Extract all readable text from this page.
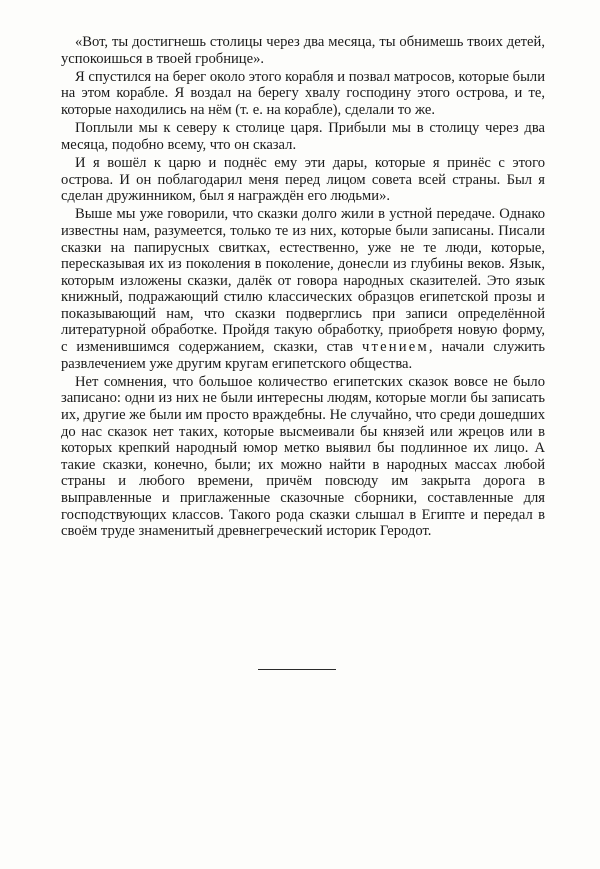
«Вот, ты достигнешь столицы через два месяца, ты обнимешь твоих детей, успокоишься в твоей гробнице».

Я спустился на берег около этого корабля и позвал матросов, которые были на этом корабле. Я воздал на берегу хвалу господину этого острова, и те, которые находились на нём (т. е. на корабле), сделали то же.

Поплыли мы к северу к столице царя. Прибыли мы в столицу через два месяца, подобно всему, что он сказал.

И я вошёл к царю и поднёс ему эти дары, которые я принёс с этого острова. И он поблагодарил меня перед лицом совета всей страны. Был я сделан дружинником, был я награждён его людьми».

Выше мы уже говорили, что сказки долго жили в устной передаче. Однако известны нам, разумеется, только те из них, которые были записаны. Писали сказки на папирусных свитках, естественно, уже не те люди, которые, пересказывая их из поколения в поколение, донесли из глубины веков. Язык, которым изложены сказки, далёк от говора народных сказителей. Это язык книжный, подражающий стилю классических образцов египетской прозы и показывающий нам, что сказки подверглись при записи определённой литературной обработке. Пройдя такую обработку, приобретя новую форму, с изменившимся содержанием, сказки, став чтением, начали служить развлечением уже другим кругам египетского общества.

Нет сомнения, что большое количество египетских сказок вовсе не было записано: одни из них не были интересны людям, которые могли бы записать их, другие же были им просто враждебны. Не случайно, что среди дошедших до нас сказок нет таких, которые высмеивали бы князей или жрецов или в которых крепкий народный юмор метко выявил бы подлинное их лицо. А такие сказки, конечно, были; их можно найти в народных массах любой страны и любого времени, причём повсюду им закрыта дорога в выправленные и приглаженные сказочные сборники, составленные для господствующих классов. Такого рода сказки слышал в Египте и передал в своём труде знаменитый древнегреческий историк Геродот.
